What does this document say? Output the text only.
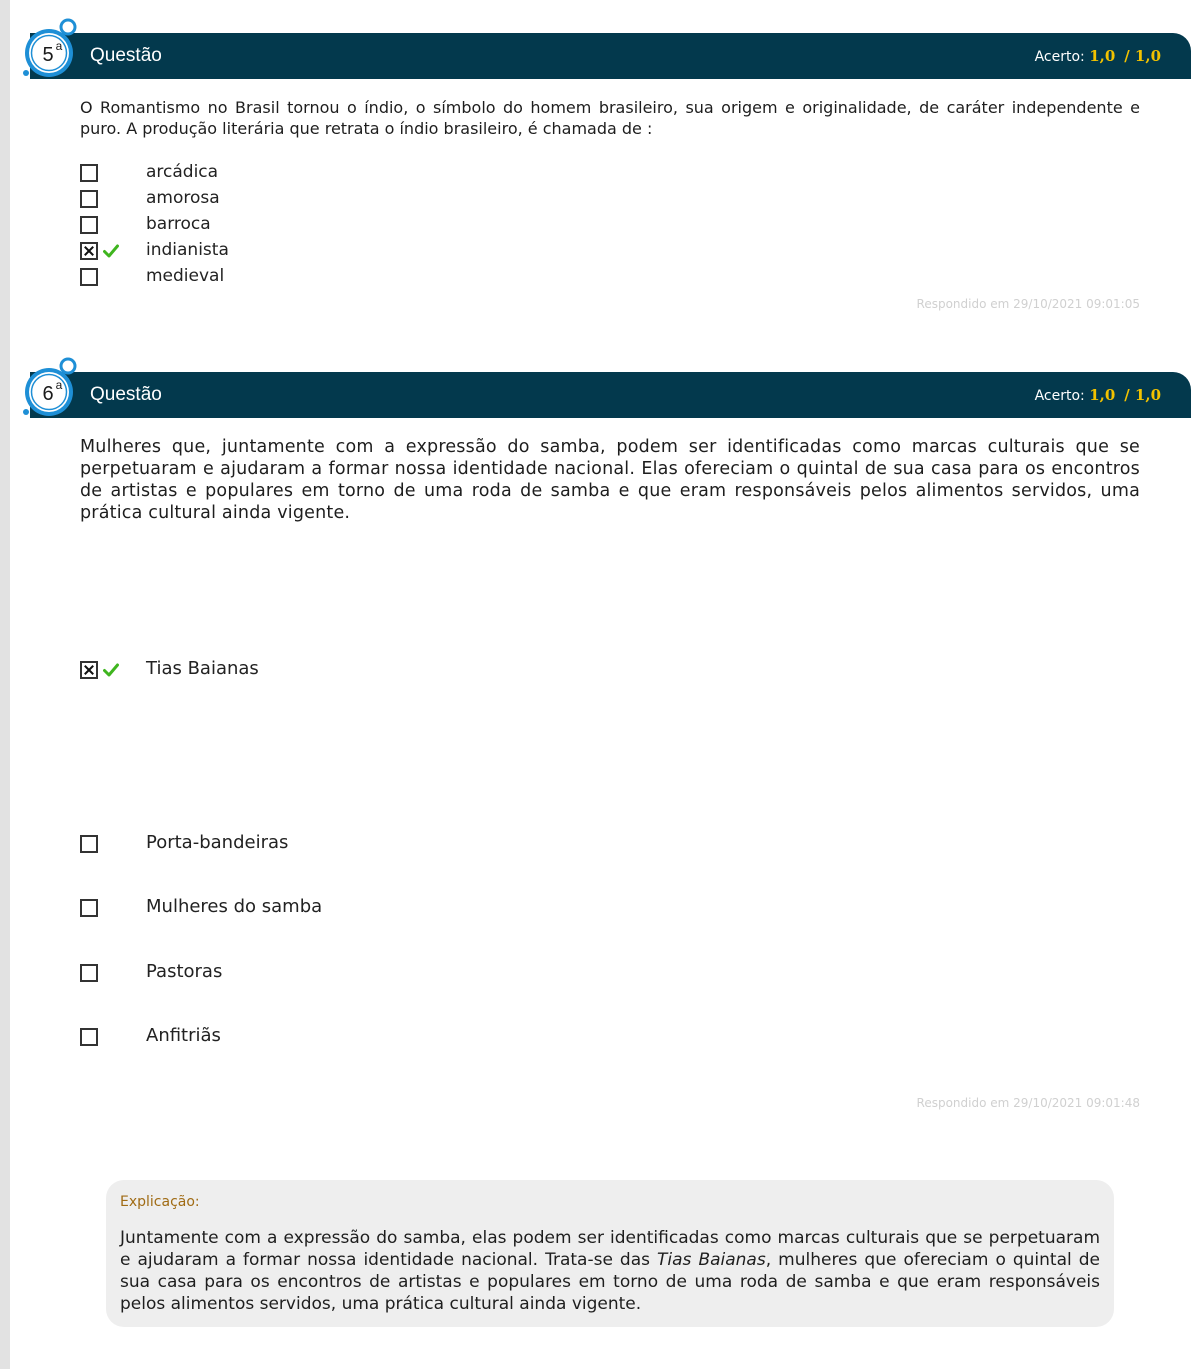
Questão	Acerto: 1,0 / 1,0
5 a
O Romantismo no Brasil tornou o índio, o símbolo do homem brasileiro, sua origem e originalidade, de caráter independente e puro. A produção literária que retrata o índio brasileiro, é chamada de :
arcádica
amorosa
barroca
indianista
medieval
Respondido em 29/10/2021 09:01:05
Questão	Acerto: 1,0 / 1,0
6 a
Mulheres que, juntamente com a expressão do samba, podem ser identificadas como marcas culturais que se perpetuaram e ajudaram a formar nossa identidade nacional. Elas ofereciam o quintal de sua casa para os encontros de artistas e populares em torno de uma roda de samba e que eram responsáveis pelos alimentos servidos, uma prática cultural ainda vigente.
Tias Baianas
Porta-bandeiras
Mulheres do samba
Pastoras
Anfitriãs
Respondido em 29/10/2021 09:01:48
Explicação:
Juntamente com a expressão do samba, elas podem ser identificadas como marcas culturais que se perpetuaram e ajudaram a formar nossa identidade nacional. Trata-se das Tias Baianas, mulheres que ofereciam o quintal de sua casa para os encontros de artistas e populares em torno de uma roda de samba e que eram responsáveis pelos alimentos servidos, uma prática cultural ainda vigente.
